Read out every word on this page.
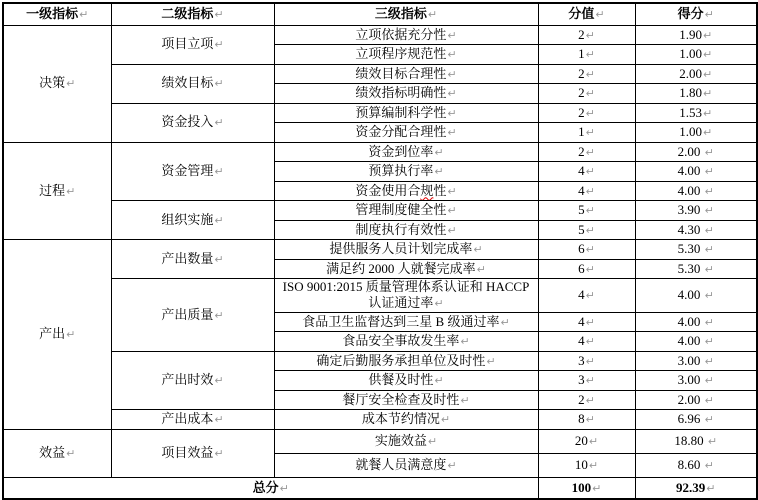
一级指标↵	二级指标↵	三级指标↵	分值↵	得分↵
决策↵	项目立项↵	立项依据充分性↵	2↵	1.90↵
		立项程序规范性↵	1↵	1.00↵
	绩效目标↵	绩效目标合理性↵	2↵	2.00↵
		绩效指标明确性↵	2↵	1.80↵
	资金投入↵	预算编制科学性↵	2↵	1.53↵
		资金分配合理性↵	1↵	1.00↵
过程↵	资金管理↵	资金到位率↵	2↵	2.00 ↵
		预算执行率↵	4↵	4.00 ↵
		资金使用合规性↵	4↵	4.00 ↵
	组织实施↵	管理制度健全性↵	5↵	3.90 ↵
		制度执行有效性↵	5↵	4.30 ↵
产出↵	产出数量↵	提供服务人员计划完成率↵	6↵	5.30 ↵
		满足约 2000 人就餐完成率↵	6↵	5.30 ↵
	产出质量↵	ISO 9001:2015 质量管理体系认证和 HACCP 认证通过率↵	4↵	4.00 ↵
		食品卫生监督达到三星 B 级通过率↵	4↵	4.00 ↵
		食品安全事故发生率↵	4↵	4.00 ↵
	产出时效↵	确定后勤服务承担单位及时性↵	3↵	3.00 ↵
		供餐及时性↵	3↵	3.00 ↵
		餐厅安全检查及时性↵	2↵	2.00 ↵
	产出成本↵	成本节约情况↵	8↵	6.96 ↵
效益↵	项目效益↵	实施效益↵	20↵	18.80 ↵
		就餐人员满意度↵	10↵	8.60 ↵
总分↵			100↵	92.39↵
